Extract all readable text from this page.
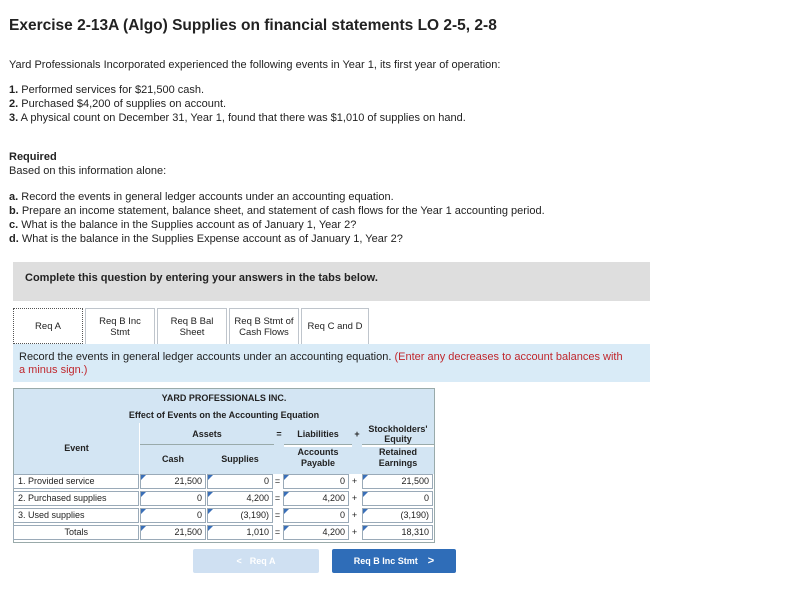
Exercise 2-13A (Algo) Supplies on financial statements LO 2-5, 2-8
Yard Professionals Incorporated experienced the following events in Year 1, its first year of operation:
1. Performed services for $21,500 cash.
2. Purchased $4,200 of supplies on account.
3. A physical count on December 31, Year 1, found that there was $1,010 of supplies on hand.
Required
Based on this information alone:
a. Record the events in general ledger accounts under an accounting equation.
b. Prepare an income statement, balance sheet, and statement of cash flows for the Year 1 accounting period.
c. What is the balance in the Supplies account as of January 1, Year 2?
d. What is the balance in the Supplies Expense account as of January 1, Year 2?
Complete this question by entering your answers in the tabs below.
Req A	Req B Inc
Stmt
Req B Bal
Sheet
Req B Stmt of
Cash Flows	Req C and D
Record the events in general ledger accounts under an accounting equation. (Enter any decreases to account balances with
a minus sign.)
YARD PROFESSIONALS INC.
Effect of Events on the Accounting Equation
Event
Assets	=	Liabilities	+ Stockholders'
Equity
Cash	Supplies
Accounts
Payable
Retained
Earnings
1. Provided service	21,500	0 =	0 +	21,500
2. Purchased supplies	0	4,200 =	4,200 +	0
3. Used supplies	0	(3,190) =	0 +	(3,190)
Totals	21,500	1,010 =	4,200 +	18,310
< Req A	Req B Inc Stmt >
